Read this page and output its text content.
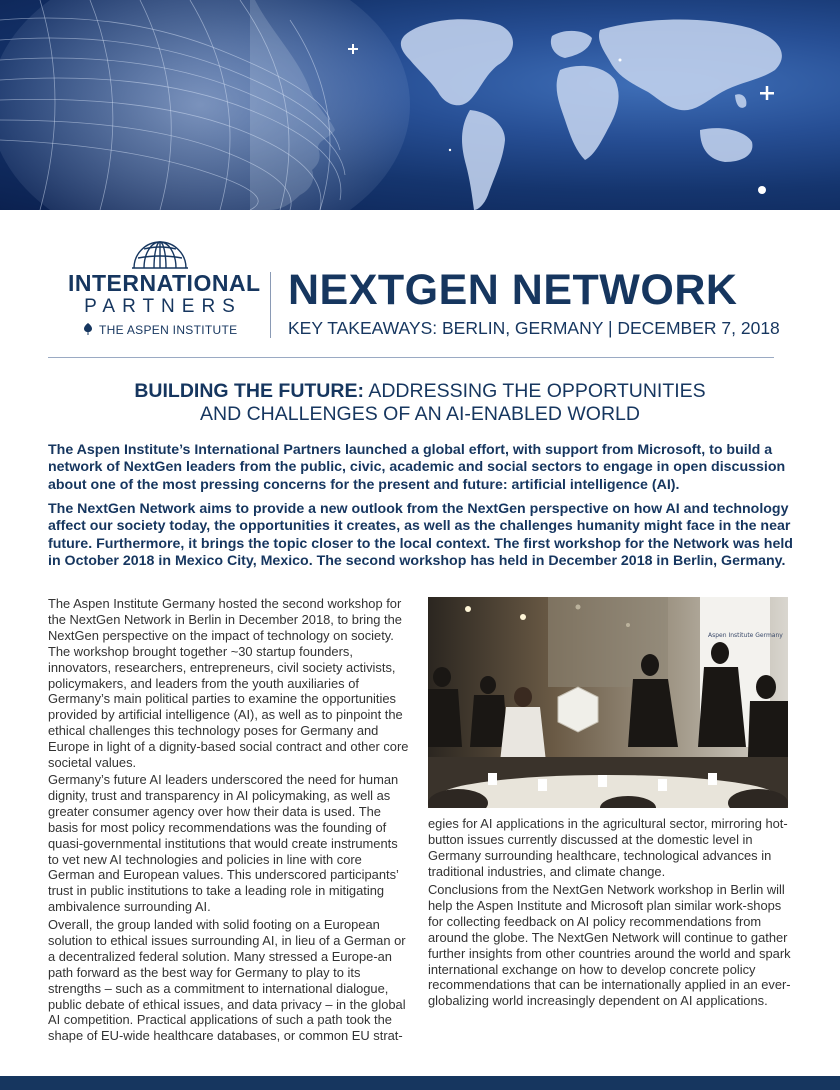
INTERNATIONAL
PARTNERS
THE ASPEN INSTITUTE
NEXTGEN NETWORK
KEY TAKEAWAYS: BERLIN, GERMANY | DECEMBER 7, 2018
BUILDING THE FUTURE: ADDRESSING THE OPPORTUNITIES
AND CHALLENGES OF AN AI-ENABLED WORLD

The Aspen Institute’s International Partners launched a global effort, with support from Microsoft, to build a network of NextGen leaders from the public, civic, academic and social sectors to engage in open discussion about one of the most pressing concerns for the present and future: artificial intelligence (AI).

The NextGen Network aims to provide a new outlook from the NextGen perspective on how AI and technology affect our society today, the opportunities it creates, as well as the challenges humanity might face in the near future. Furthermore, it brings the topic closer to the local context. The first workshop for the Network was held in October 2018 in Mexico City, Mexico. The second workshop has held in December 2018 in Berlin, Germany.

The Aspen Institute Germany hosted the second workshop for the NextGen Network in Berlin in December 2018, to bring the NextGen perspective on the impact of technology on society. The workshop brought together ~30 startup founders, innovators, researchers, entrepreneurs, civil society activists, policymakers, and leaders from the youth auxiliaries of Germany’s main political parties to examine the opportunities provided by artificial intelligence (AI), as well as to pinpoint the ethical challenges this technology poses for Germany and Europe in light of a dignity-based social contract and other core societal values.

Germany’s future AI leaders underscored the need for human dignity, trust and transparency in AI policymaking, as well as greater consumer agency over how their data is used. The basis for most policy recommendations was the founding of quasi-governmental institutions that would create instruments to vet new AI technologies and policies in line with core German and European values. This underscored participants’ trust in public institutions to take a leading role in mitigating ambivalence surrounding AI.

Overall, the group landed with solid footing on a European solution to ethical issues surrounding AI, in lieu of a German or a decentralized federal solution. Many stressed a Europe-an path forward as the best way for Germany to play to its strengths – such as a commitment to international dialogue, public debate of ethical issues, and data privacy – in the global AI competition. Practical applications of such a path took the shape of EU-wide healthcare databases, or common EU strat-

Aspen Institute Germany

egies for AI applications in the agricultural sector, mirroring hot-button issues currently discussed at the domestic level in Germany surrounding healthcare, technological advances in traditional industries, and climate change.

Conclusions from the NextGen Network workshop in Berlin will help the Aspen Institute and Microsoft plan similar work-shops for collecting feedback on AI policy recommendations from around the globe. The NextGen Network will continue to gather further insights from other countries around the world and spark international exchange on how to develop concrete policy recommendations that can be internationally applied in an ever-globalizing world increasingly dependent on AI applications.
